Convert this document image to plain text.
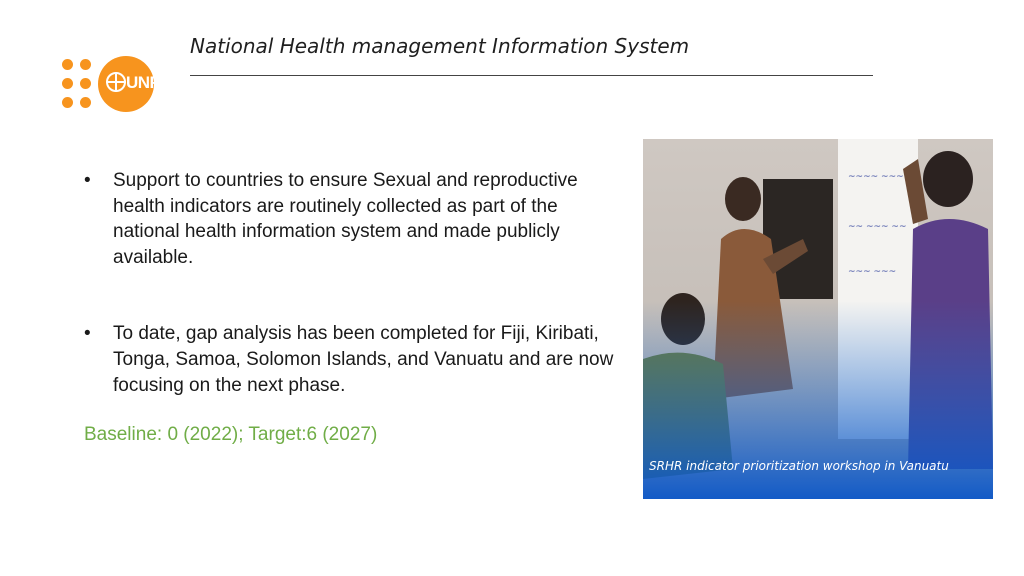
UNFPA
National Health management Information System
• Support to countries to ensure Sexual and reproductive health indicators are routinely collected as part of the national health information system and made publicly available.
• To date, gap analysis has been completed for Fiji, Kiribati, Tonga, Samoa, Solomon Islands, and Vanuatu and are now focusing on the next phase.
Baseline: 0 (2022); Target:6 (2027)
SRHR indicator prioritization workshop in Vanuatu
